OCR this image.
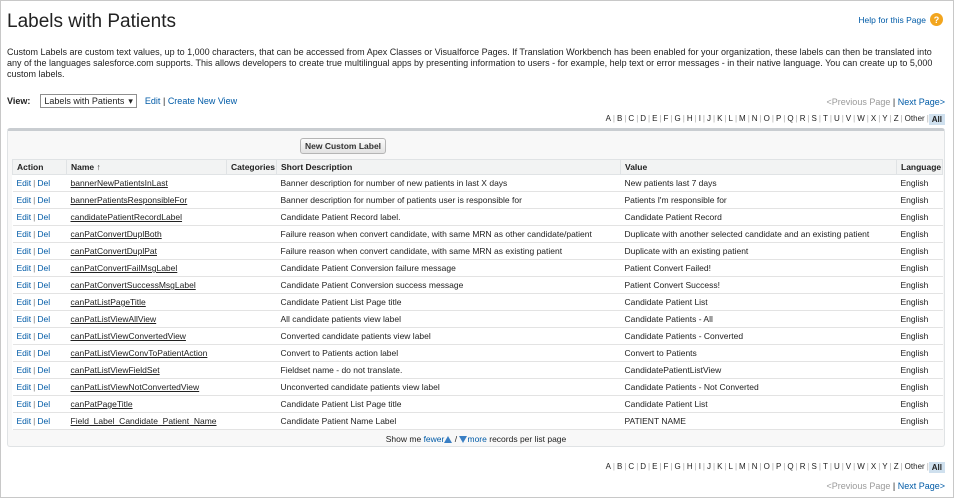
Labels with Patients	Help for this Page ?
Custom Labels are custom text values, up to 1,000 characters, that can be accessed from Apex Classes or Visualforce Pages. If Translation Workbench has been enabled for your organization, these labels can then be translated into any of the languages salesforce.com supports. This allows developers to create true multilingual apps by presenting information to users - for example, help text or error messages - in their native language. You can create up to 5,000 custom labels.
View: Labels with Patients ▾ Edit | Create New View	<Previous Page | Next Page>
A | B | C | D | E | F | G | H | I | J | K | L | M | N | O | P | Q | R | S | T | U | V | W | X | Y | Z | Other | All
New Custom Label
Action	Name ↑	Categories	Short Description	Value	Language
Edit | Del	bannerNewPatientsInLast		Banner description for number of new patients in last X days	New patients last 7 days	English
Edit | Del	bannerPatientsResponsibleFor		Banner description for number of patients user is responsible for	Patients I'm responsible for	English
Edit | Del	candidatePatientRecordLabel		Candidate Patient Record label.	Candidate Patient Record	English
Edit | Del	canPatConvertDuplBoth		Failure reason when convert candidate, with same MRN as other candidate/patient	Duplicate with another selected candidate and an existing patient	English
Edit | Del	canPatConvertDuplPat		Failure reason when convert candidate, with same MRN as existing patient	Duplicate with an existing patient	English
Edit | Del	canPatConvertFailMsgLabel		Candidate Patient Conversion failure message	Patient Convert Failed!	English
Edit | Del	canPatConvertSuccessMsgLabel		Candidate Patient Conversion success message	Patient Convert Success!	English
Edit | Del	canPatListPageTitle		Candidate Patient List Page title	Candidate Patient List	English
Edit | Del	canPatListViewAllView		All candidate patients view label	Candidate Patients - All	English
Edit | Del	canPatListViewConvertedView		Converted candidate patients view label	Candidate Patients - Converted	English
Edit | Del	canPatListViewConvToPatientAction		Convert to Patients action label	Convert to Patients	English
Edit | Del	canPatListViewFieldSet		Fieldset name - do not translate.	CandidatePatientListView	English
Edit | Del	canPatListViewNotConvertedView		Unconverted candidate patients view label	Candidate Patients - Not Converted	English
Edit | Del	canPatPageTitle		Candidate Patient List Page title	Candidate Patient List	English
Edit | Del	Field_Label_Candidate_Patient_Name		Candidate Patient Name Label	PATIENT NAME	English
Show me fewer / more records per list page
A | B | C | D | E | F | G | H | I | J | K | L | M | N | O | P | Q | R | S | T | U | V | W | X | Y | Z | Other | All
<Previous Page | Next Page>
